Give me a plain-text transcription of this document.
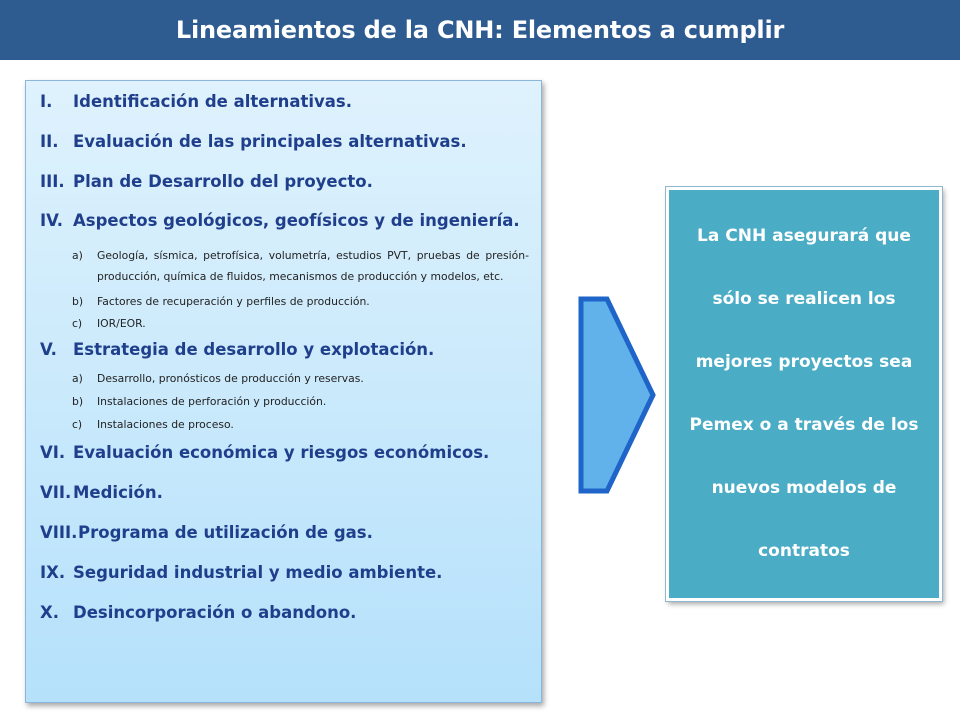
Lineamientos de la CNH: Elementos a cumplir
I.	Identificación de alternativas.
II. Evaluación de las principales alternativas.
III. Plan de Desarrollo del proyecto.
IV. Aspectos geológicos, geofísicos y de ingeniería.
a)	Geología, sísmica, petrofísica, volumetría, estudios PVT, pruebas de presión-producción, química de fluidos, mecanismos de producción y modelos, etc.
b)	Factores de recuperación y perfiles de producción.
c)	IOR/EOR.
V. Estrategia de desarrollo y explotación.
a)	Desarrollo, pronósticos de producción y reservas.
b)	Instalaciones de perforación y producción.
c)	Instalaciones de proceso.
VI. Evaluación económica y riesgos económicos.
VII. Medición.
VIII. Programa de utilización de gas.
IX. Seguridad industrial y medio ambiente.
X. Desincorporación o abandono.
La CNH asegurará que sólo se realicen los mejores proyectos sea Pemex o a través de los nuevos modelos de contratos
